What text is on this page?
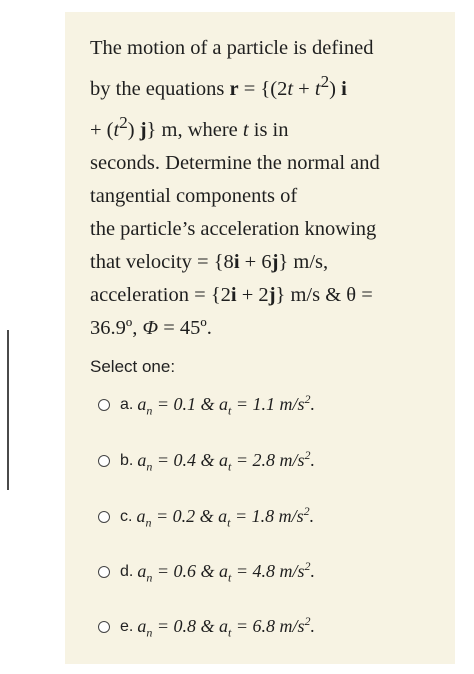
The motion of a particle is defined
by the equations $r = \{(2t + t^2)$ i
+ $(t^2)$ j} m, where t is in
seconds. Determine the normal and
tangential components of
the particle’s acceleration knowing
that velocity = {8i + 6j} m/s,
acceleration = {2i + 2j} m/s & θ =
36.9º, Φ = 45º.
Select one:
a. $a_n = 0.1$ & $a_t = 1.1$ $m/s^2$.
b. $a_n = 0.4$ & $a_t = 2.8$ $m/s^2$.
c. $a_n = 0.2$ & $a_t = 1.8$ $m/s^2$.
d. $a_n = 0.6$ & $a_t = 4.8$ $m/s^2$.
e. $a_n = 0.8$ & $a_t = 6.8$ $m/s^2$.
